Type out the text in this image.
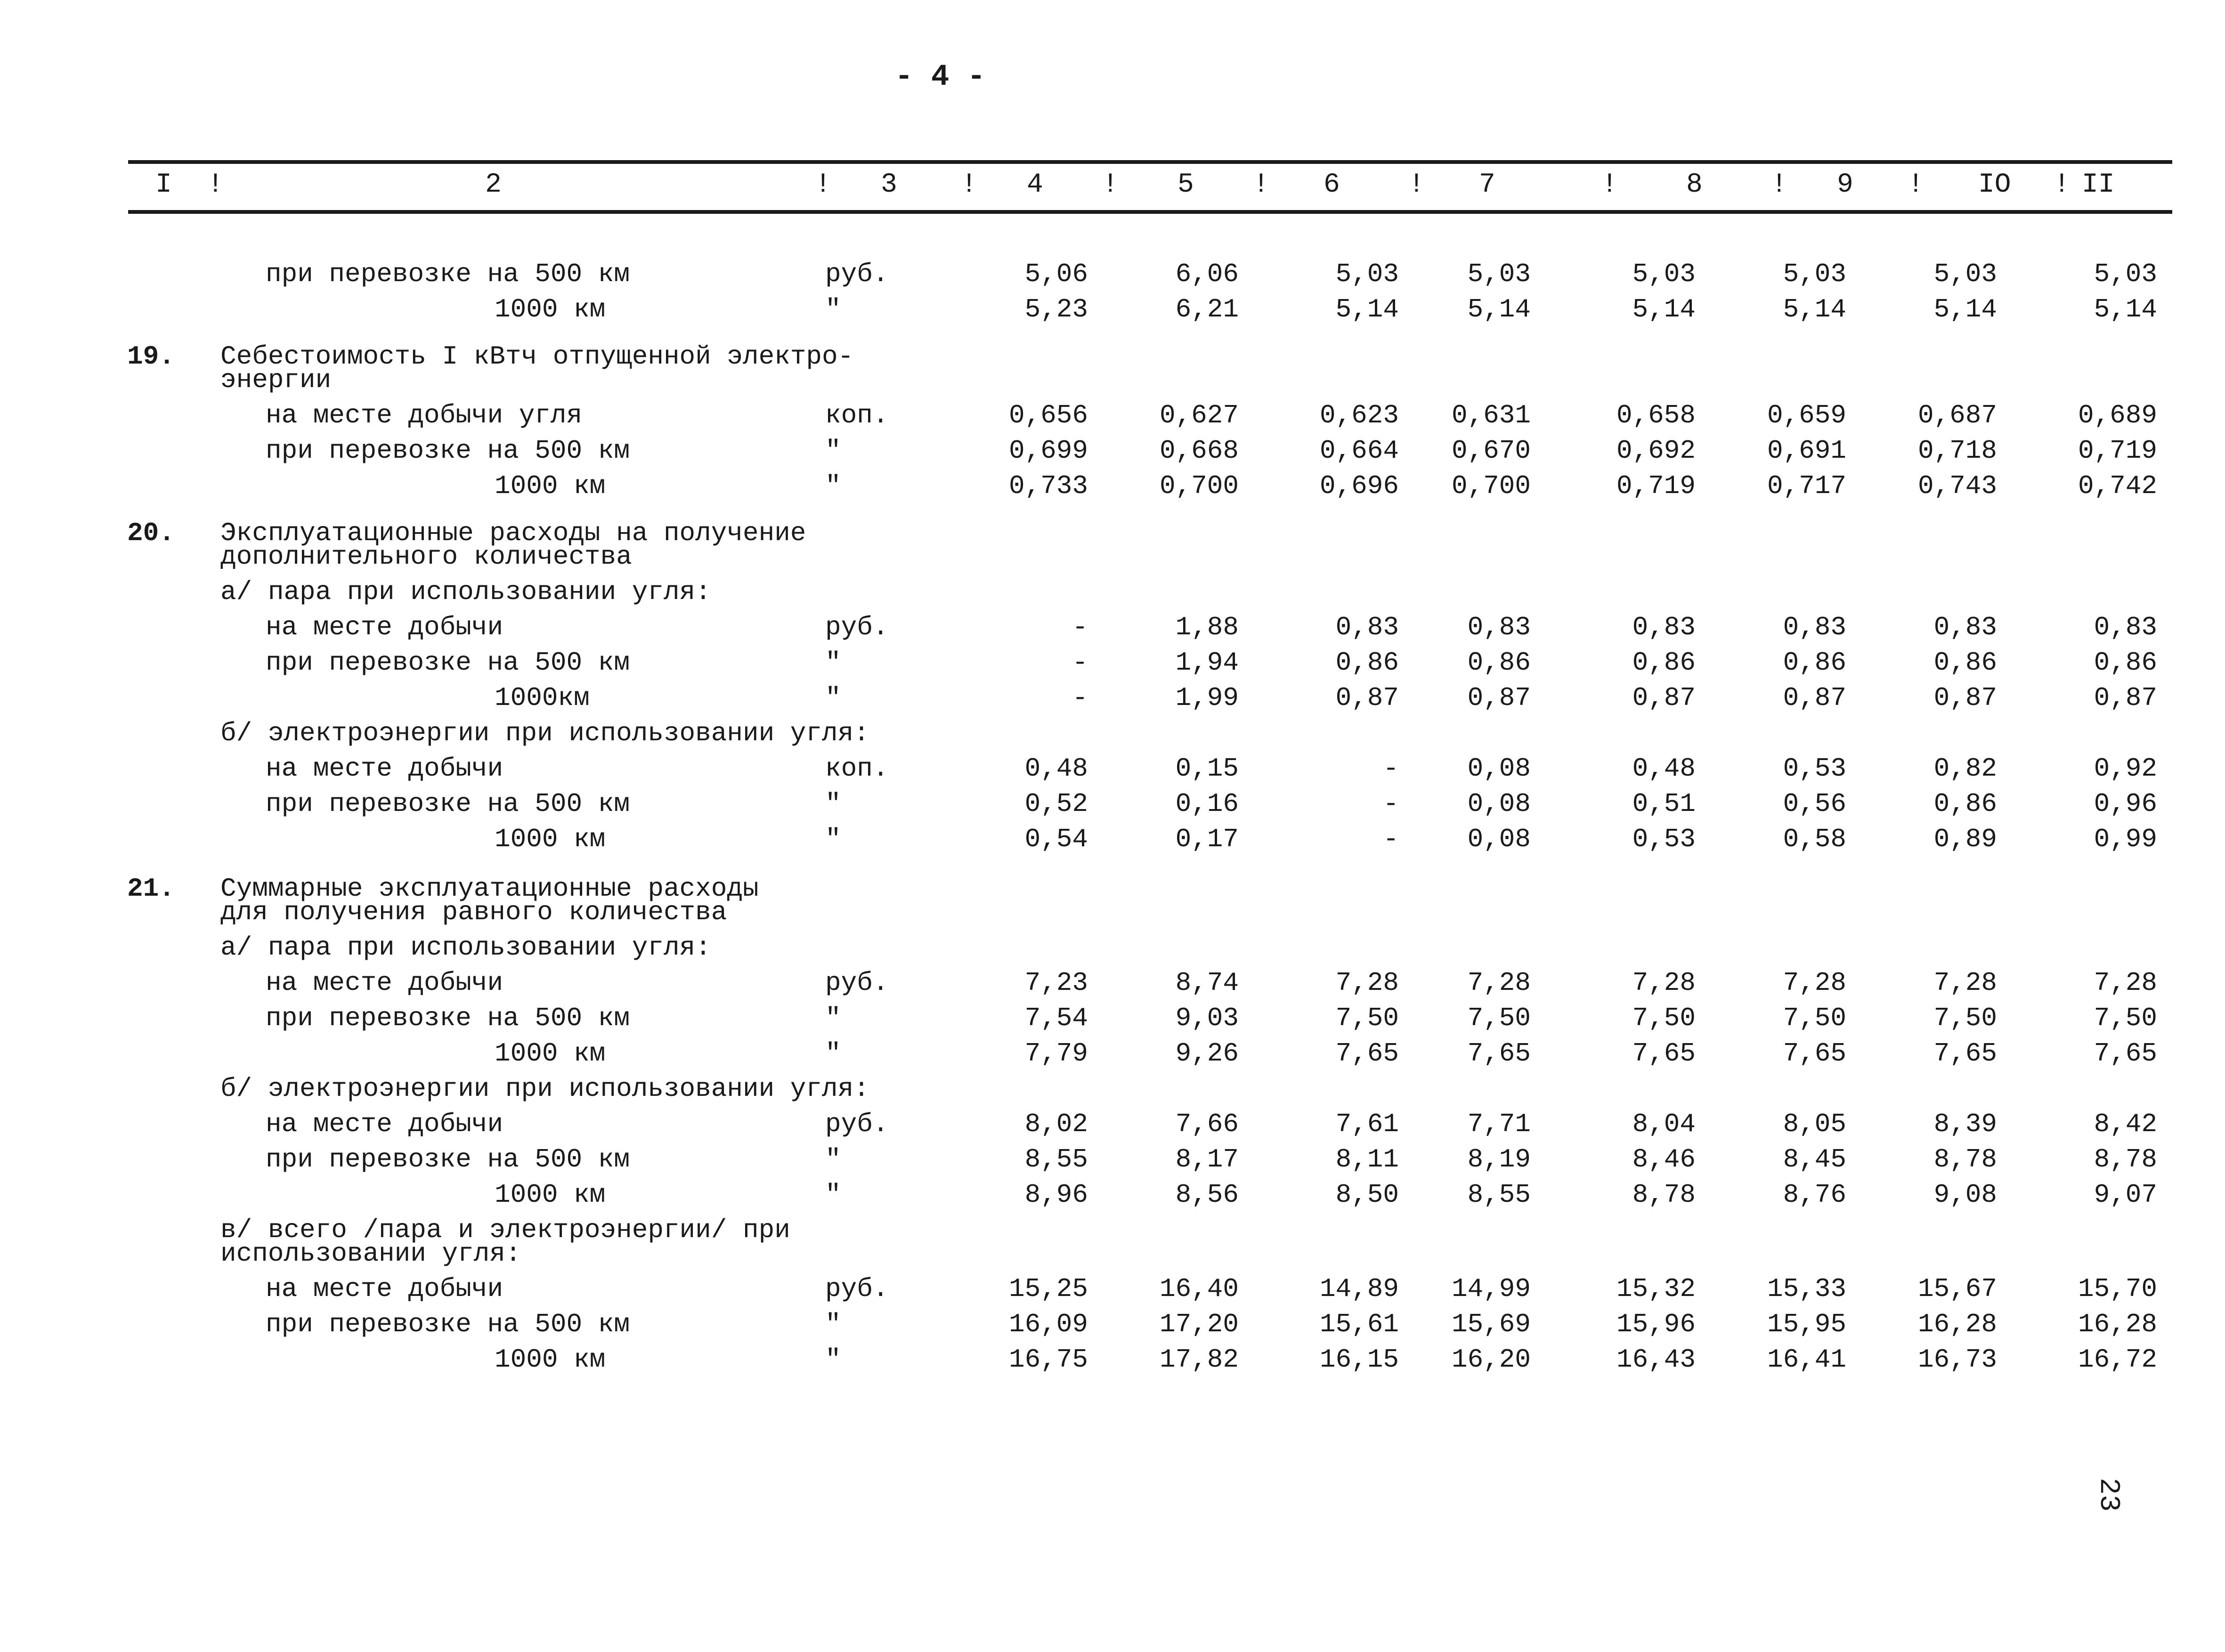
- 4 -
I !	2	! 3 ! 4 ! 5 ! 6	! 7	!	8	! 9 ! IO ! II
при перевозке на 500 км	руб.	5,06	6,06	5,03	5,03	5,03	5,03	5,03	5,03
1000 км	"	5,23	6,21	5,14	5,14	5,14	5,14	5,14	5,14
19. Себестоимость I кВтч отпущенной электро-
энергии
на месте добычи угля	коп.	0,656	0,627	0,623	0,631	0,658	0,659	0,687	0,689
при перевозке на 500 км	"	0,699	0,668	0,664	0,670	0,692	0,691	0,718	0,719
1000 км	"	0,733	0,700	0,696	0,700	0,719	0,717	0,743	0,742
20. Эксплуатационные расходы на получение
дополнительного количества
а/ пара при использовании угля:
на месте добычи	руб.	-	1,88	0,83	0,83	0,83	0,83	0,83	0,83
при перевозке на 500 км	"	-	1,94	0,86	0,86	0,86	0,86	0,86	0,86
1000км	"	-	1,99	0,87	0,87	0,87	0,87	0,87	0,87
б/ электроэнергии при использовании угля:
на месте добычи	коп.	0,48	0,15	-	0,08	0,48	0,53	0,82	0,92
при перевозке на 500 км	"	0,52	0,16	-	0,08	0,51	0,56	0,86	0,96
1000 км	"	0,54	0,17	-	0,08	0,53	0,58	0,89	0,99
21. Суммарные эксплуатационные расходы
для получения равного количества
а/ пара при использовании угля:
на месте добычи	руб.	7,23	8,74	7,28	7,28	7,28	7,28	7,28	7,28
при перевозке на 500 км	"	7,54	9,03	7,50	7,50	7,50	7,50	7,50	7,50
1000 км	"	7,79	9,26	7,65	7,65	7,65	7,65	7,65	7,65
б/ электроэнергии при использовании угля:
на месте добычи	руб.	8,02	7,66	7,61	7,71	8,04	8,05	8,39	8,42
при перевозке на 500 км	"	8,55	8,17	8,11	8,19	8,46	8,45	8,78	8,78
1000 км	"	8,96	8,56	8,50	8,55	8,78	8,76	9,08	9,07
в/ всего /пара и электроэнергии/ при
использовании угля:
на месте добычи	руб.	15,25	16,40	14,89	14,99	15,32	15,33	15,67	15,70
при перевозке на 500 км	"	16,09	17,20	15,61	15,69	15,96	15,95	16,28	16,28
1000 км	"	16,75	17,82	16,15	16,20	16,43	16,41	16,73	16,72
23
